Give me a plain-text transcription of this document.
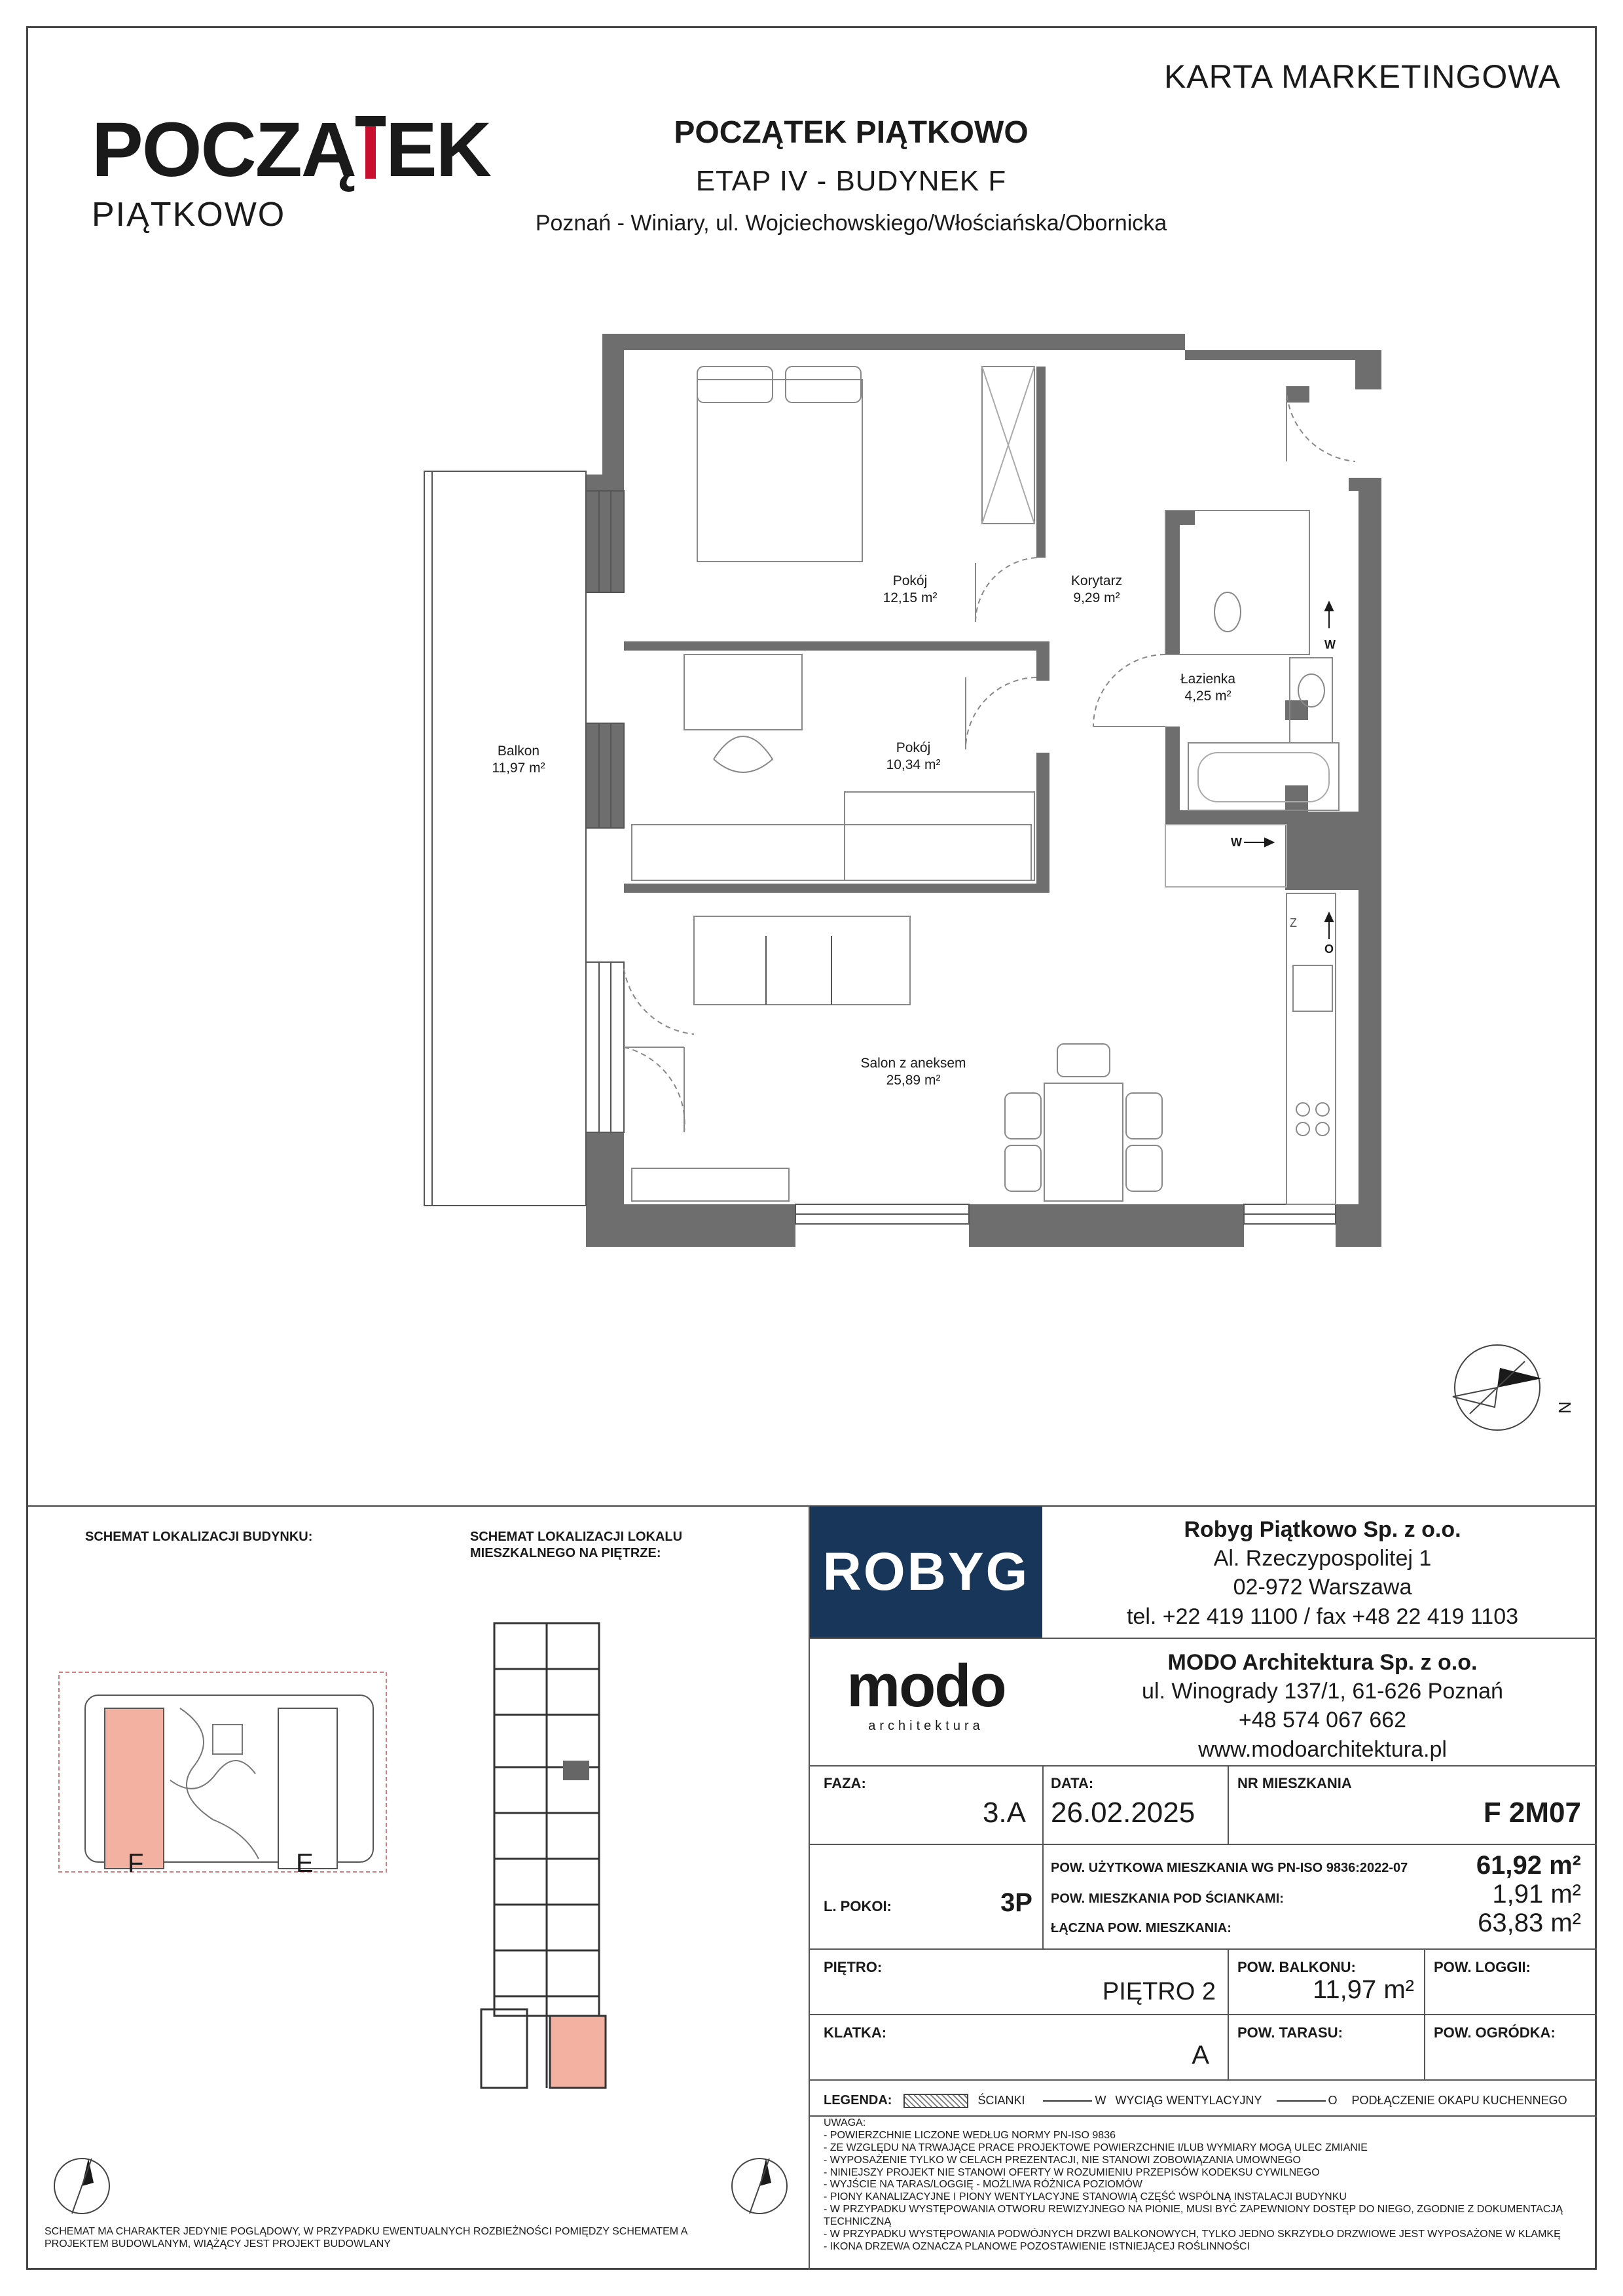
KARTA MARKETINGOWA
POCZĄ EK
PIĄTKOWO
POCZĄTEK PIĄTKOWO
ETAP IV - BUDYNEK F
Poznań - Winiary, ul. Wojciechowskiego/Włościańska/Obornicka
W
W
Z
O
Pokój
12,15 m²
Korytarz
9,29 m²
Łazienka
4,25 m²
Pokój
10,34 m²
Balkon
11,97 m²
Salon z aneksem
25,89 m²
N
SCHEMAT LOKALIZACJI BUDYNKU:
F	E
SCHEMAT LOKALIZACJI LOKALU
MIESZKALNEGO NA PIĘTRZE:
SCHEMAT MA CHARAKTER JEDYNIE POGLĄDOWY, W PRZYPADKU EWENTUALNYCH ROZBIEŻNOŚCI POMIĘDZY SCHEMATEM A
PROJEKTEM BUDOWLANYM, WIĄŻĄCY JEST PROJEKT BUDOWLANY
ROBYG
Robyg Piątkowo Sp. z o.o.
Al. Rzeczypospolitej 1
02-972 Warszawa
tel. +22 419 1100 / fax +48 22 419 1103
modo
architektura
MODO Architektura Sp. z o.o.
ul. Winogrady 137/1, 61-626 Poznań
+48 574 067 662
www.modoarchitektura.pl
FAZA:
3.A
DATA:
26.02.2025
NR MIESZKANIA
F 2M07
L. POKOI:	3P
POW. UŻYTKOWA MIESZKANIA WG PN-ISO 9836:2022-07	61,92 m²
POW. MIESZKANIA POD ŚCIANKAMI:	1,91 m²
ŁĄCZNA POW. MIESZKANIA:	63,83 m²
PIĘTRO:
PIĘTRO 2
POW. BALKONU:
11,97 m²
POW. LOGGII:
KLATKA:
A
POW. TARASU:	POW. OGRÓDKA:
LEGENDA:	ŚCIANKI	W WYCIĄG WENTYLACYJNY	O PODŁĄCZENIE OKAPU KUCHENNEGO
UWAGA:
- POWIERZCHNIE LICZONE WEDŁUG NORMY PN-ISO 9836
- ZE WZGLĘDU NA TRWAJĄCE PRACE PROJEKTOWE POWIERZCHNIE I/LUB WYMIARY MOGĄ ULEC ZMIANIE
- WYPOSAŻENIE TYLKO W CELACH PREZENTACJI, NIE STANOWI ZOBOWIĄZANIA UMOWNEGO
- NINIEJSZY PROJEKT NIE STANOWI OFERTY W ROZUMIENIU PRZEPISÓW KODEKSU CYWILNEGO
- WYJŚCIE NA TARAS/LOGGIĘ - MOŻLIWA RÓŻNICA POZIOMÓW
- PIONY KANALIZACYJNE I PIONY WENTYLACYJNE STANOWIĄ CZĘŚĆ WSPÓLNĄ INSTALACJI BUDYNKU
- W PRZYPADKU WYSTĘPOWANIA OTWORU REWIZYJNEGO NA PIONIE, MUSI BYĆ ZAPEWNIONY DOSTĘP DO NIEGO, ZGODNIE Z DOKUMENTACJĄ
TECHNICZNĄ
- W PRZYPADKU WYSTĘPOWANIA PODWÓJNYCH DRZWI BALKONOWYCH, TYLKO JEDNO SKRZYDŁO DRZWIOWE JEST WYPOSAŻONE W KLAMKĘ
- IKONA DRZEWA OZNACZA PLANOWE POZOSTAWIENIE ISTNIEJĄCEJ ROŚLINNOŚCI
